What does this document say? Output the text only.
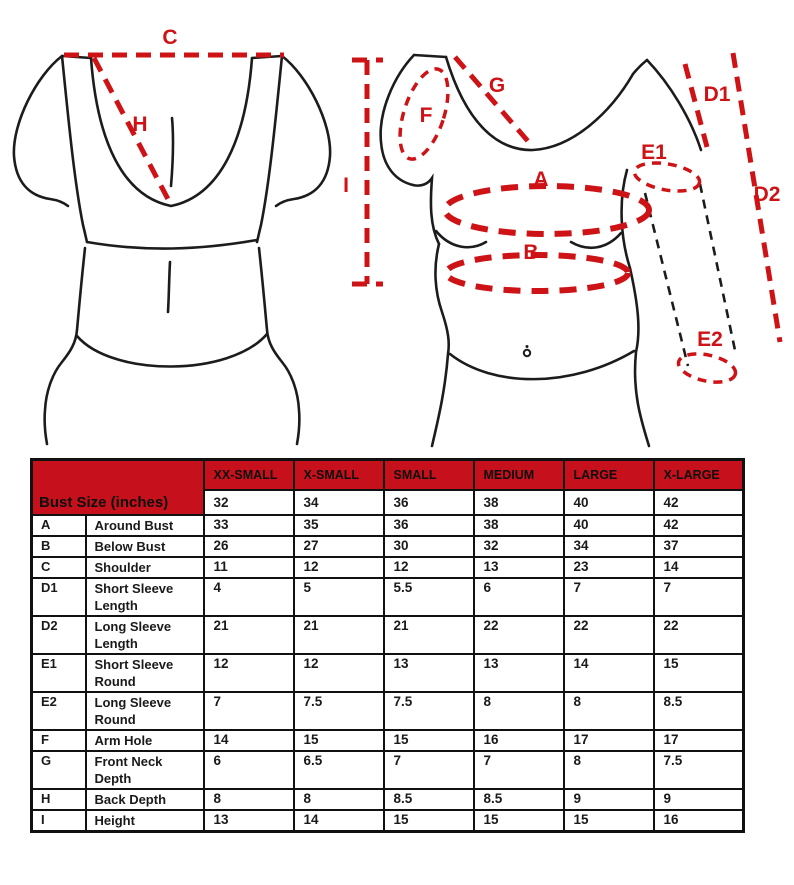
C
H
I
F
G
A
B
D1
D2
E1
E2
Bust Size (inches)		XX-SMALL	X-SMALL	SMALL	MEDIUM	LARGE	X-LARGE
		32	34	36	38	40	42
A	Around Bust	33	35	36	38	40	42
B	Below Bust	26	27	30	32	34	37
C	Shoulder	11	12	12	13	23	14
D1	Short Sleeve Length	4	5	5.5	6	7	7
D2	Long Sleeve Length	21	21	21	22	22	22
E1	Short Sleeve Round	12	12	13	13	14	15
E2	Long Sleeve Round	7	7.5	7.5	8	8	8.5
F	Arm Hole	14	15	15	16	17	17
G	Front Neck Depth	6	6.5	7	7	8	7.5
H	Back Depth	8	8	8.5	8.5	9	9
I	Height	13	14	15	15	15	16
